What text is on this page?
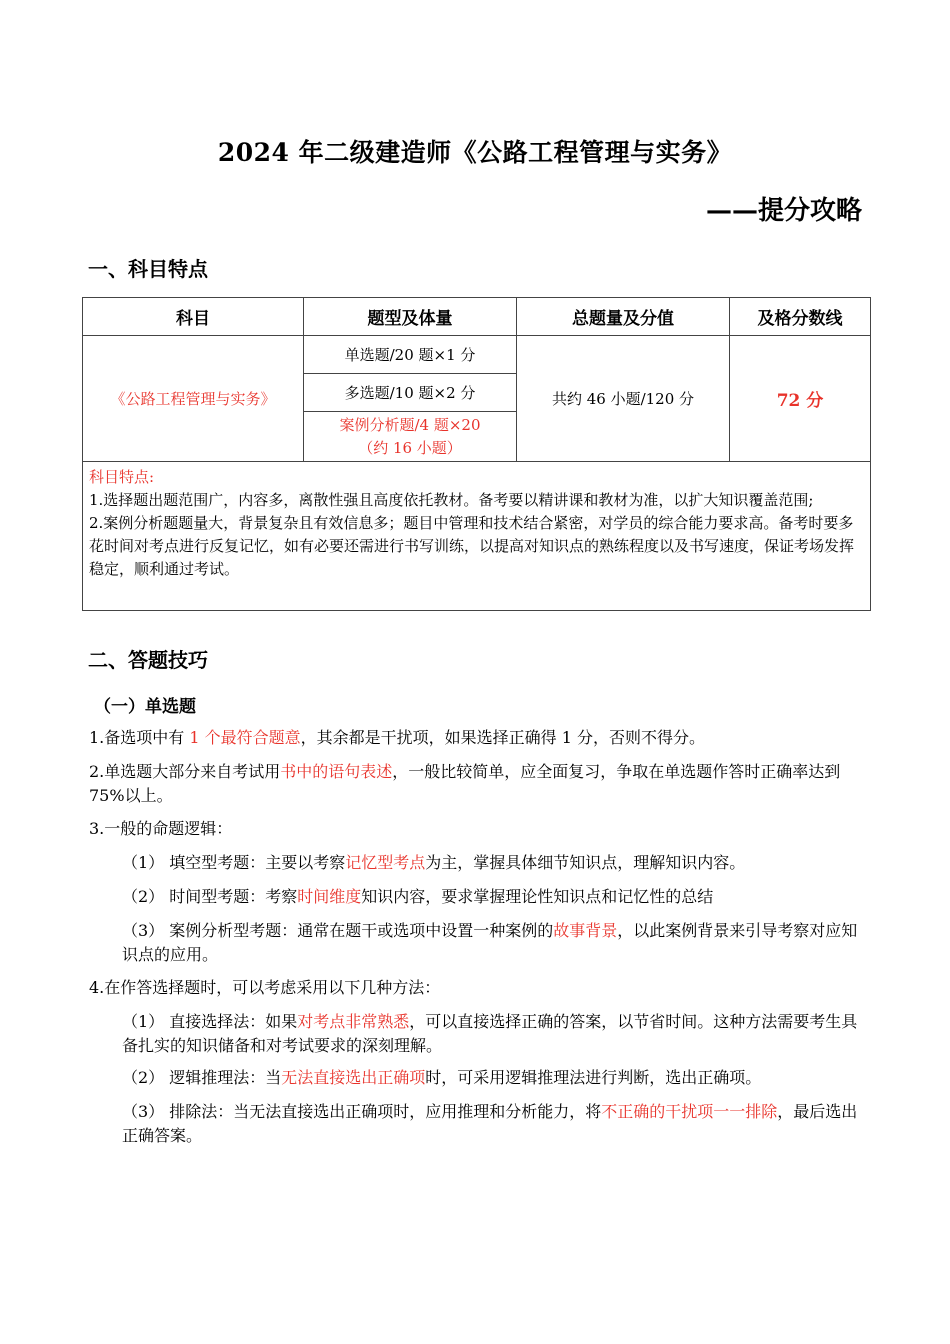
2024 年二级建造师《公路工程管理与实务》
——提分攻略
一、科目特点
科目	题型及体量	总题量及分值	及格分数线
《公路工程管理与实务》	单选题/20 题×1 分	共约 46 小题/120 分	72 分
	多选题/10 题×2 分		
	案例分析题/4 题×20
（约 16 小题）		

科目特点:
1.选择题出题范围广，内容多，离散性强且高度依托教材。备考要以精讲课和教材为准，以扩大知识覆盖范围;
2.案例分析题题量大，背景复杂且有效信息多；题目中管理和技术结合紧密，对学员的综合能力要求高。备考时要多花时间对考点进行反复记忆，如有必要还需进行书写训练，以提高对知识点的熟练程度以及书写速度，保证考场发挥稳定，顺利通过考试。			
二、答题技巧
（一）单选题
1.备选项中有 1 个最符合题意，其余都是干扰项，如果选择正确得 1 分，否则不得分。
2.单选题大部分来自考试用书中的语句表述，一般比较简单，应全面复习，争取在单选题作答时正确率达到 75%以上。
3.一般的命题逻辑：
（1） 填空型考题：主要以考察记忆型考点为主，掌握具体细节知识点，理解知识内容。
（2） 时间型考题：考察时间维度知识内容，要求掌握理论性知识点和记忆性的总结
（3） 案例分析型考题：通常在题干或选项中设置一种案例的故事背景，以此案例背景来引导考察对应知识点的应用。
4.在作答选择题时，可以考虑采用以下几种方法：
（1） 直接选择法：如果对考点非常熟悉，可以直接选择正确的答案，以节省时间。这种方法需要考生具备扎实的知识储备和对考试要求的深刻理解。
（2） 逻辑推理法：当无法直接选出正确项时，可采用逻辑推理法进行判断，选出正确项。
（3） 排除法：当无法直接选出正确项时，应用推理和分析能力，将不正确的干扰项一一排除，最后选出正确答案。
